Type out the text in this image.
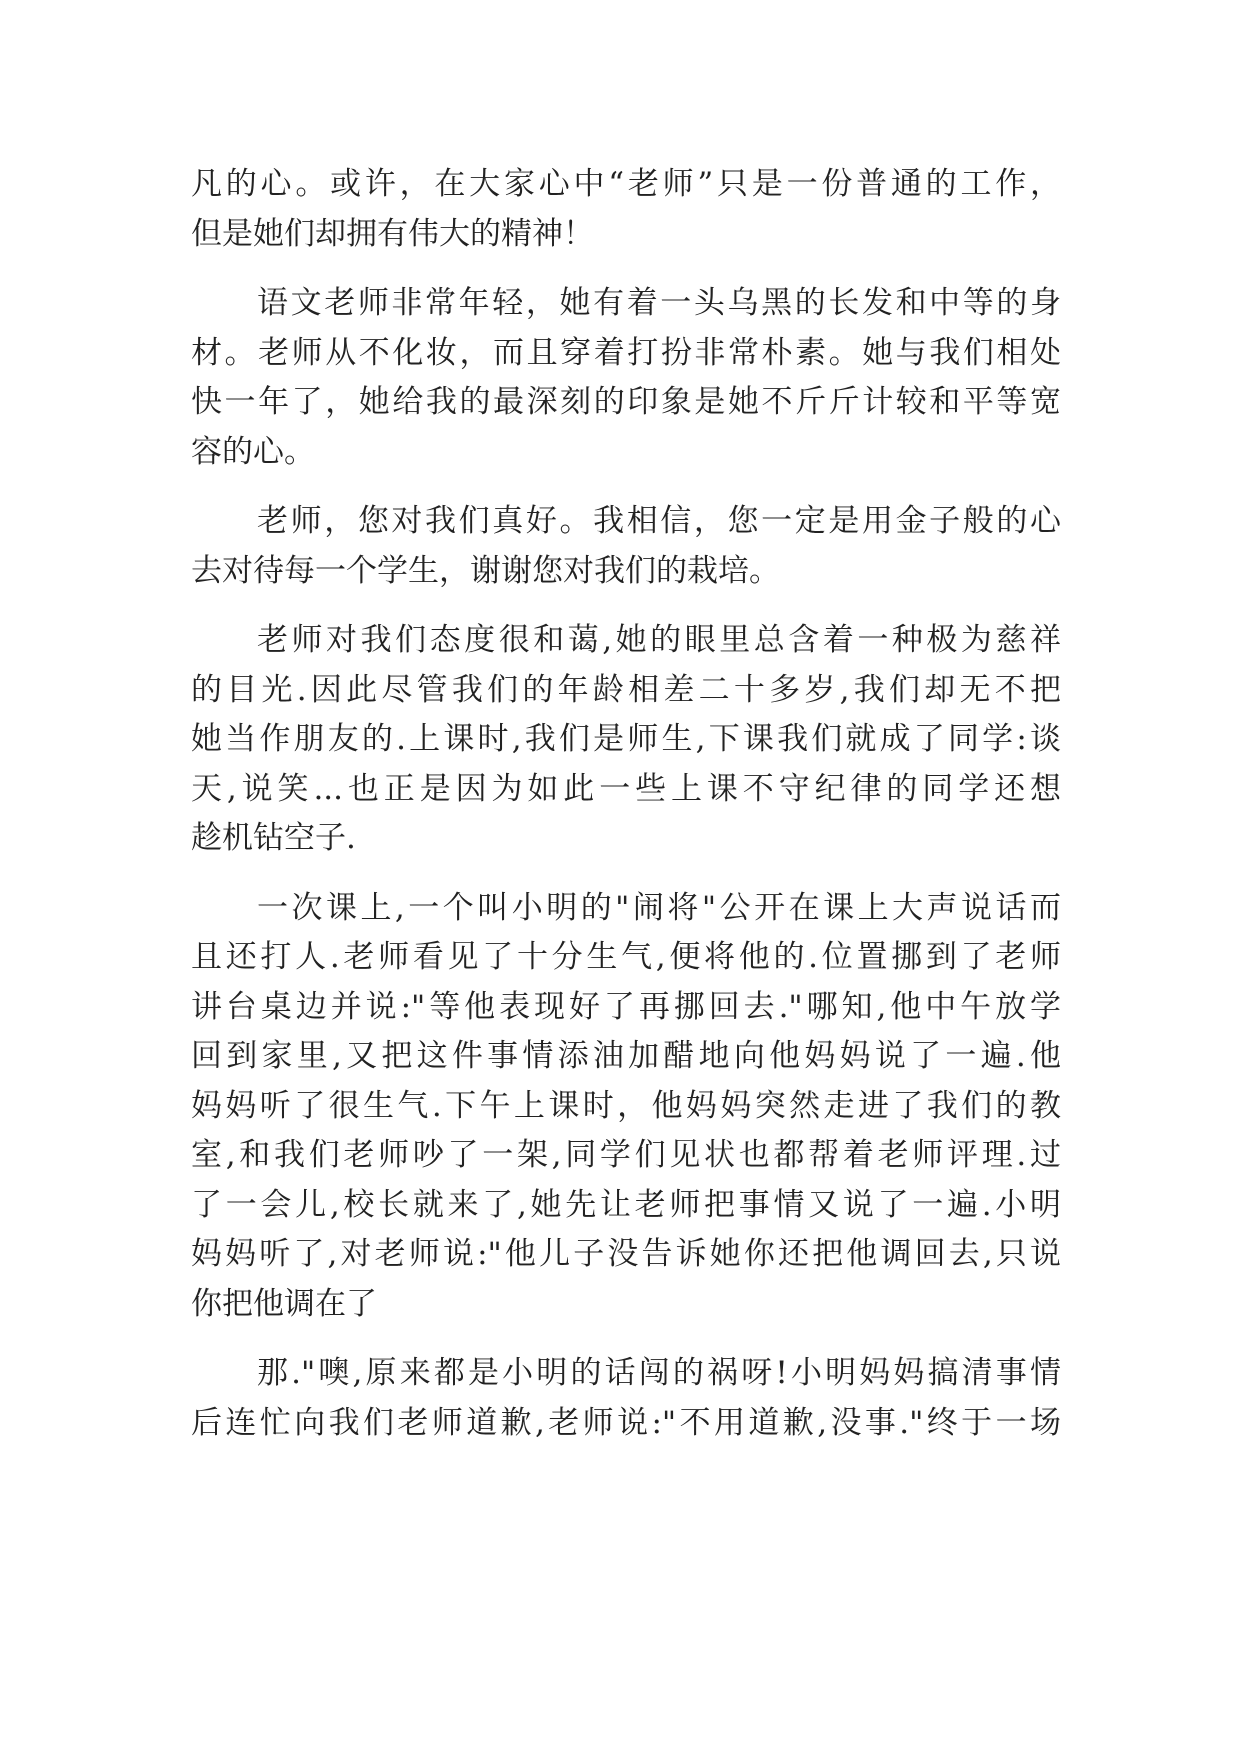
凡的心。或许，在大家心中“老师”只是一份普通的工作，
但是她们却拥有伟大的精神！
语文老师非常年轻，她有着一头乌黑的长发和中等的身
材。老师从不化妆，而且穿着打扮非常朴素。她与我们相处
快一年了，她给我的最深刻的印象是她不斤斤计较和平等宽
容的心。
老师，您对我们真好。我相信，您一定是用金子般的心
去对待每一个学生，谢谢您对我们的栽培。
老师对我们态度很和蔼,她的眼里总含着一种极为慈祥
的目光.因此尽管我们的年龄相差二十多岁,我们却无不把
她当作朋友的.上课时,我们是师生,下课我们就成了同学:谈
天,说笑...也正是因为如此一些上课不守纪律的同学还想
趁机钻空子.
一次课上,一个叫小明的"闹将"公开在课上大声说话而
且还打人.老师看见了十分生气,便将他的.位置挪到了老师
讲台桌边并说:"等他表现好了再挪回去."哪知,他中午放学
回到家里,又把这件事情添油加醋地向他妈妈说了一遍.他
妈妈听了很生气.下午上课时，他妈妈突然走进了我们的教
室,和我们老师吵了一架,同学们见状也都帮着老师评理.过
了一会儿,校长就来了,她先让老师把事情又说了一遍.小明
妈妈听了,对老师说:"他儿子没告诉她你还把他调回去,只说
你把他调在了
那."噢,原来都是小明的话闯的祸呀!小明妈妈搞清事情
后连忙向我们老师道歉,老师说:"不用道歉,没事."终于一场
